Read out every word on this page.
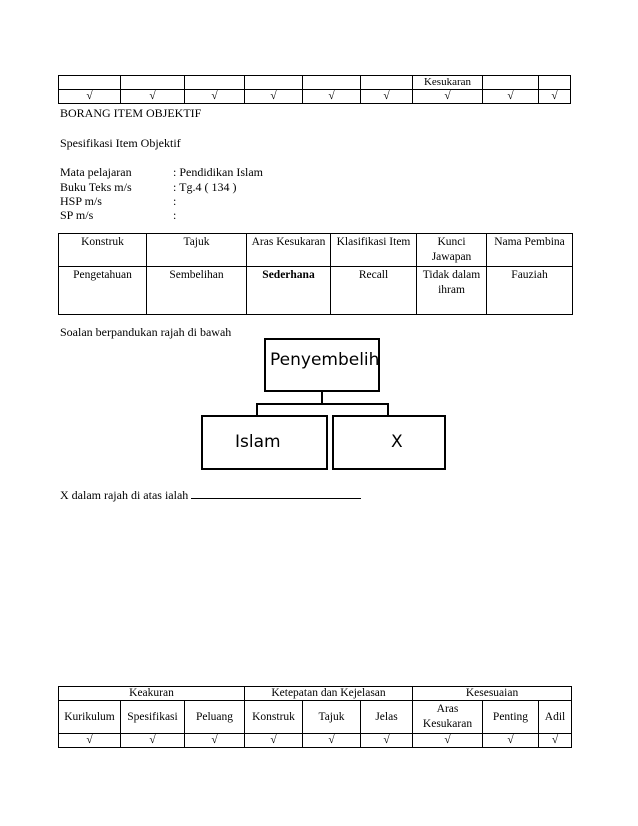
						Kesukaran		
√	√	√	√	√	√	√	√	√
BORANG ITEM OBJEKTIF
Spesifikasi Item Objektif
Mata pelajaran	: Pendidikan Islam
Buku Teks m/s	: Tg.4 ( 134 )
HSP m/s	:
SP m/s	:
Konstruk	Tajuk	Aras Kesukaran	Klasifikasi Item	Kunci Jawapan	Nama Pembina
Pengetahuan	Sembelihan	Sederhana	Recall	Tidak dalam ihram	Fauziah
Soalan berpandukan rajah di bawah
Penyembelih
Islam	X
X dalam rajah di atas ialah
Keakuran			Ketepatan dan Kejelasan			Kesesuaian		
Kurikulum	Spesifikasi	Peluang	Konstruk	Tajuk	Jelas	Aras Kesukaran	Penting	Adil
√	√	√	√	√	√	√	√	√
